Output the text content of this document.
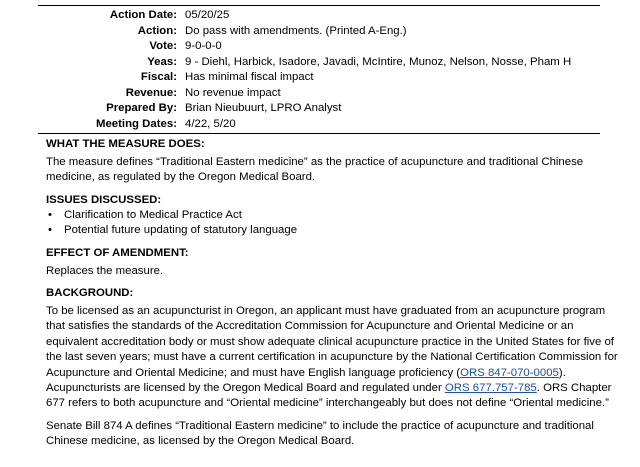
Action Date: 05/20/25
Action: Do pass with amendments. (Printed A-Eng.)
Vote: 9-0-0-0
Yeas: 9 - Diehl, Harbick, Isadore, Javadi, McIntire, Munoz, Nelson, Nosse, Pham H
Fiscal: Has minimal fiscal impact
Revenue: No revenue impact
Prepared By: Brian Nieubuurt, LPRO Analyst
Meeting Dates: 4/22, 5/20
WHAT THE MEASURE DOES:
The measure defines “Traditional Eastern medicine” as the practice of acupuncture and traditional Chinese
medicine, as regulated by the Oregon Medical Board.
ISSUES DISCUSSED:
• Clarification to Medical Practice Act
• Potential future updating of statutory language
EFFECT OF AMENDMENT:
Replaces the measure.
BACKGROUND:
To be licensed as an acupuncturist in Oregon, an applicant must have graduated from an acupuncture program
that satisfies the standards of the Accreditation Commission for Acupuncture and Oriental Medicine or an
equivalent accreditation body or must show adequate clinical acupuncture practice in the United States for five of
the last seven years; must have a current certification in acupuncture by the National Certification Commission for
Acupuncture and Oriental Medicine; and must have English language proficiency (ORS 847-070-0005).
Acupuncturists are licensed by the Oregon Medical Board and regulated under ORS 677.757-785. ORS Chapter
677 refers to both acupuncture and “Oriental medicine” interchangeably but does not define “Oriental medicine.”
Senate Bill 874 A defines “Traditional Eastern medicine” to include the practice of acupuncture and traditional
Chinese medicine, as licensed by the Oregon Medical Board.
